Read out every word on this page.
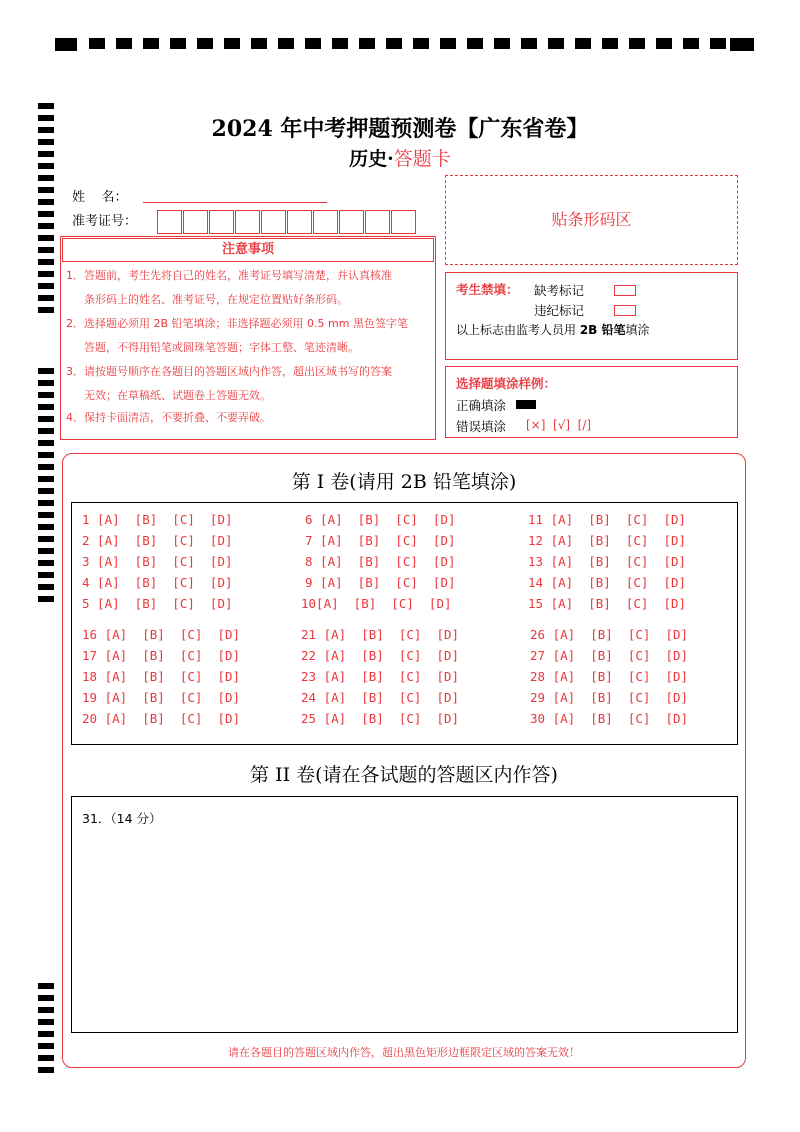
2024 年中考押题预测卷【广东省卷】
历史·答题卡
姓    名：
准考证号：	贴条形码区
注意事项
1．答题前，考生先将自己的姓名，准考证号填写清楚，并认真核准
条形码上的姓名、准考证号，在规定位置贴好条形码。
2．选择题必须用 2B 铅笔填涂；非选择题必须用 0.5 mm 黑色签字笔
答题，不得用铅笔或圆珠笔答题；字体工整、笔迹清晰。
3．请按题号顺序在各题目的答题区域内作答，超出区域书写的答案
无效；在草稿纸、试题卷上答题无效。
4．保持卡面清洁，不要折叠、不要弄破。
考生禁填： 缺考标记
违纪标记
以上标志由监考人员用 2B 铅笔填涂
选择题填涂样例：
正确填涂
错误填涂 [×]  [√]  [/]
第 I 卷(请用 2B 铅笔填涂)
1 [A]  [B]  [C]  [D]
2 [A]  [B]  [C]  [D]
3 [A]  [B]  [C]  [D]
4 [A]  [B]  [C]  [D]
5 [A]  [B]  [C]  [D]
6 [A]  [B]  [C]  [D]
7 [A]  [B]  [C]  [D]
8 [A]  [B]  [C]  [D]
9 [A]  [B]  [C]  [D]
10[A]  [B]  [C]  [D]
11 [A]  [B]  [C]  [D]
12 [A]  [B]  [C]  [D]
13 [A]  [B]  [C]  [D]
14 [A]  [B]  [C]  [D]
15 [A]  [B]  [C]  [D]
16 [A]  [B]  [C]  [D]
17 [A]  [B]  [C]  [D]
18 [A]  [B]  [C]  [D]
19 [A]  [B]  [C]  [D]
20 [A]  [B]  [C]  [D]
21 [A]  [B]  [C]  [D]
22 [A]  [B]  [C]  [D]
23 [A]  [B]  [C]  [D]
24 [A]  [B]  [C]  [D]
25 [A]  [B]  [C]  [D]
26 [A]  [B]  [C]  [D]
27 [A]  [B]  [C]  [D]
28 [A]  [B]  [C]  [D]
29 [A]  [B]  [C]  [D]
30 [A]  [B]  [C]  [D]
第 II 卷(请在各试题的答题区内作答)
31．（14 分）
请在各题目的答题区域内作答，超出黑色矩形边框限定区域的答案无效！
